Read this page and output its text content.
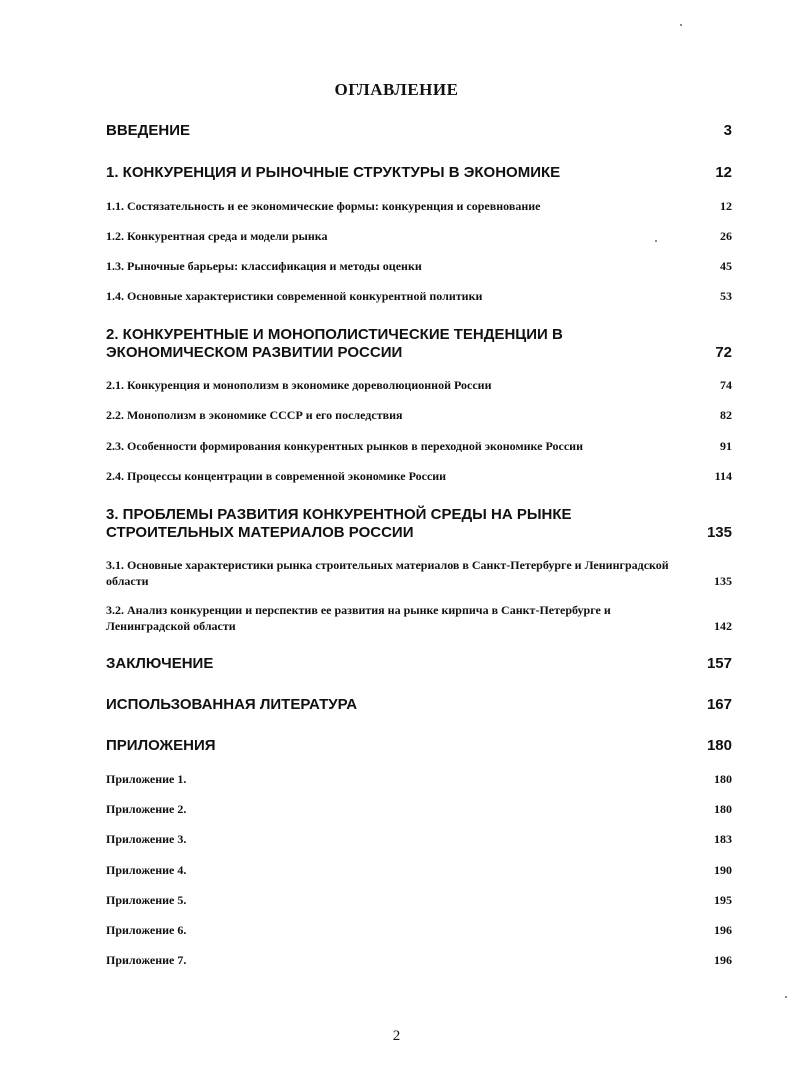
ОГЛАВЛЕНИЕ
ВВЕДЕНИЕ	3
1. КОНКУРЕНЦИЯ И РЫНОЧНЫЕ СТРУКТУРЫ В ЭКОНОМИКЕ	12
1.1. Состязательность и ее экономические формы: конкуренция и соревнование	12
1.2. Конкурентная среда и модели рынка	26
1.3. Рыночные барьеры: классификация и методы оценки	45
1.4. Основные характеристики современной конкурентной политики	53
2. КОНКУРЕНТНЫЕ И МОНОПОЛИСТИЧЕСКИЕ ТЕНДЕНЦИИ В ЭКОНОМИЧЕСКОМ РАЗВИТИИ РОССИИ	72
2.1. Конкуренция и монополизм в экономике дореволюционной России	74
2.2. Монополизм в экономике СССР и его последствия	82
2.3. Особенности формирования конкурентных рынков в переходной экономике России	91
2.4. Процессы концентрации в современной экономике России	114
3. ПРОБЛЕМЫ РАЗВИТИЯ КОНКУРЕНТНОЙ СРЕДЫ НА РЫНКЕ СТРОИТЕЛЬНЫХ МАТЕРИАЛОВ РОССИИ	135
3.1. Основные характеристики рынка строительных материалов в Санкт-Петербурге и Ленинградской области	135
3.2. Анализ конкуренции и перспектив ее развития на рынке кирпича в Санкт-Петербурге и Ленинградской области	142
ЗАКЛЮЧЕНИЕ	157
ИСПОЛЬЗОВАННАЯ ЛИТЕРАТУРА	167
ПРИЛОЖЕНИЯ	180
Приложение 1.	180
Приложение 2.	180
Приложение 3.	183
Приложение 4.	190
Приложение 5.	195
Приложение 6.	196
Приложение 7.	196
2
